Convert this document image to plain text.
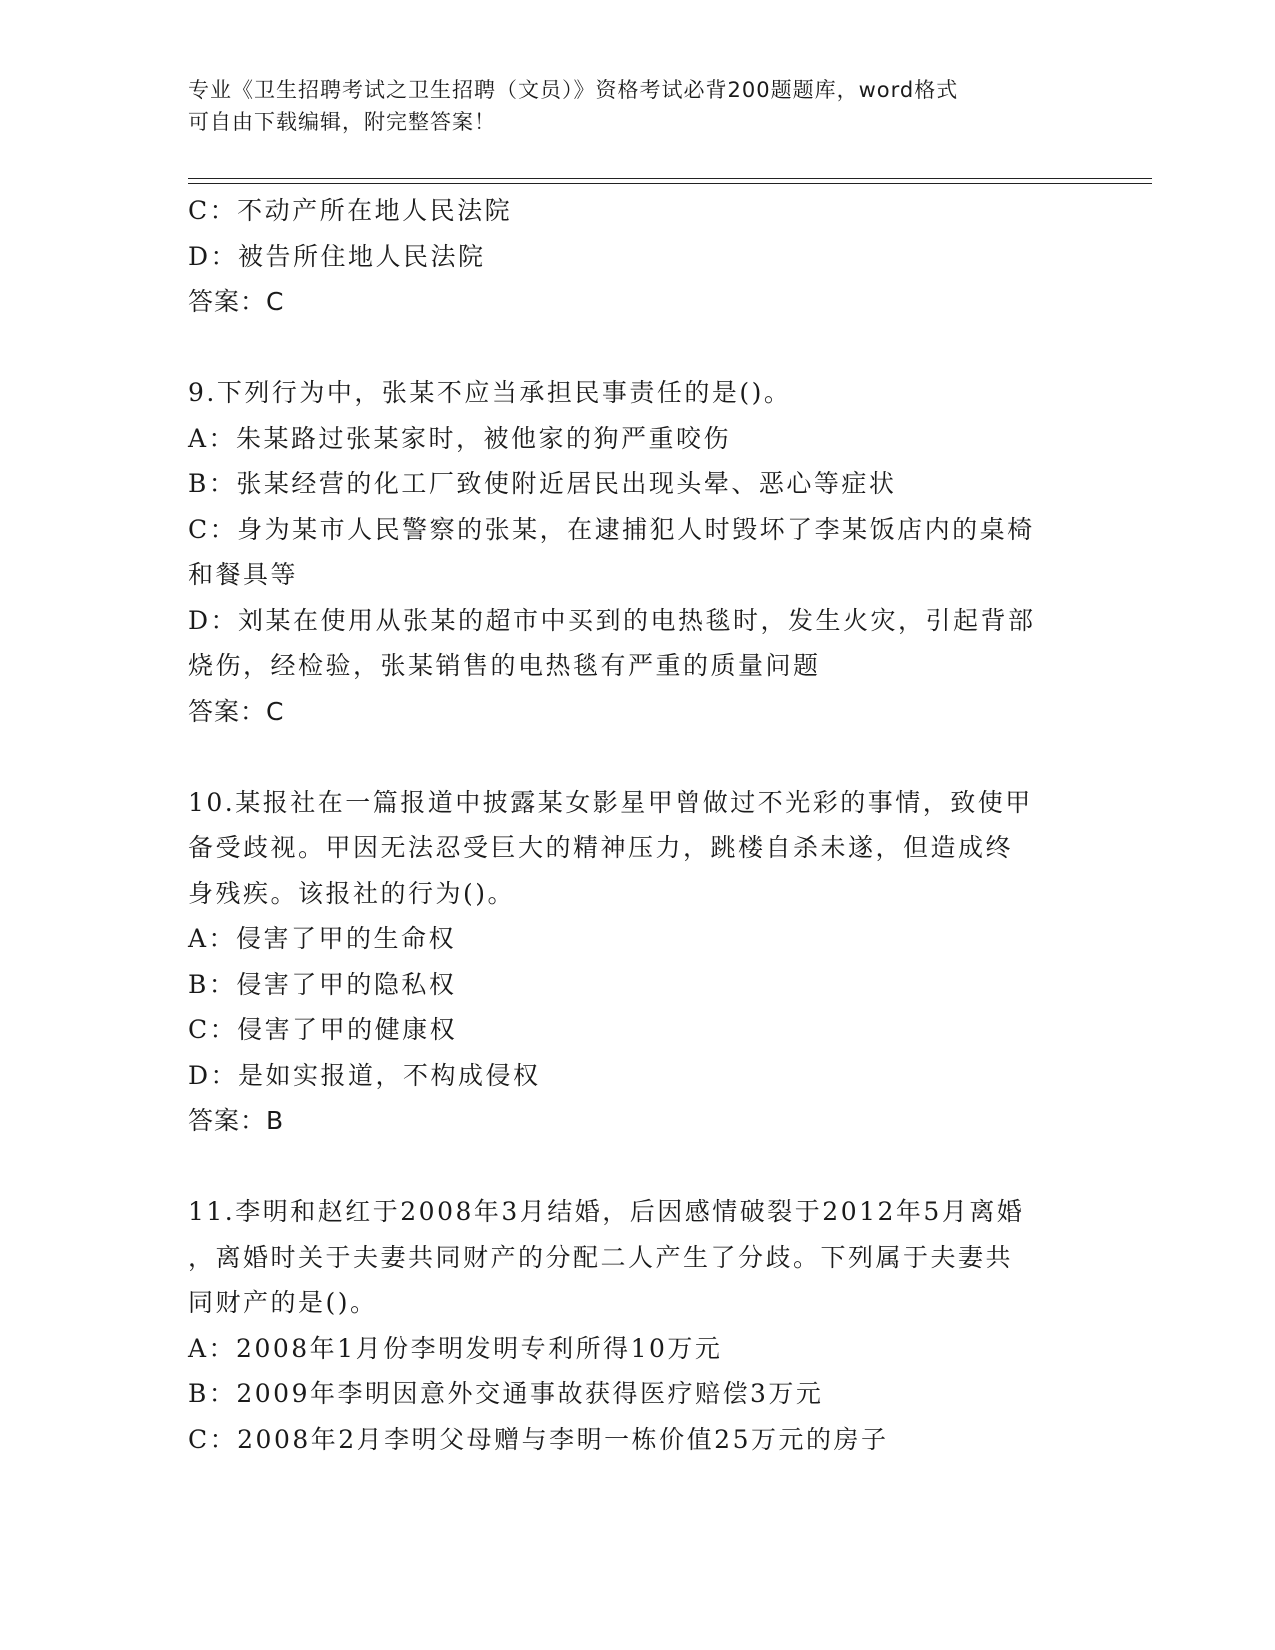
专业《卫生招聘考试之卫生招聘（文员）》资格考试必背200题题库，word格式
可自由下载编辑，附完整答案！
C：不动产所在地人民法院
D：被告所住地人民法院
答案：C
9.下列行为中，张某不应当承担民事责任的是()。
A：朱某路过张某家时，被他家的狗严重咬伤
B：张某经营的化工厂致使附近居民出现头晕、恶心等症状
C：身为某市人民警察的张某，在逮捕犯人时毁坏了李某饭店内的桌椅
和餐具等
D：刘某在使用从张某的超市中买到的电热毯时，发生火灾，引起背部
烧伤，经检验，张某销售的电热毯有严重的质量问题
答案：C
10.某报社在一篇报道中披露某女影星甲曾做过不光彩的事情，致使甲
备受歧视。甲因无法忍受巨大的精神压力，跳楼自杀未遂，但造成终
身残疾。该报社的行为()。
A：侵害了甲的生命权
B：侵害了甲的隐私权
C：侵害了甲的健康权
D：是如实报道，不构成侵权
答案：B
11.李明和赵红于2008年3月结婚，后因感情破裂于2012年5月离婚
，离婚时关于夫妻共同财产的分配二人产生了分歧。下列属于夫妻共
同财产的是()。
A：2008年1月份李明发明专利所得10万元
B：2009年李明因意外交通事故获得医疗赔偿3万元
C：2008年2月李明父母赠与李明一栋价值25万元的房子
